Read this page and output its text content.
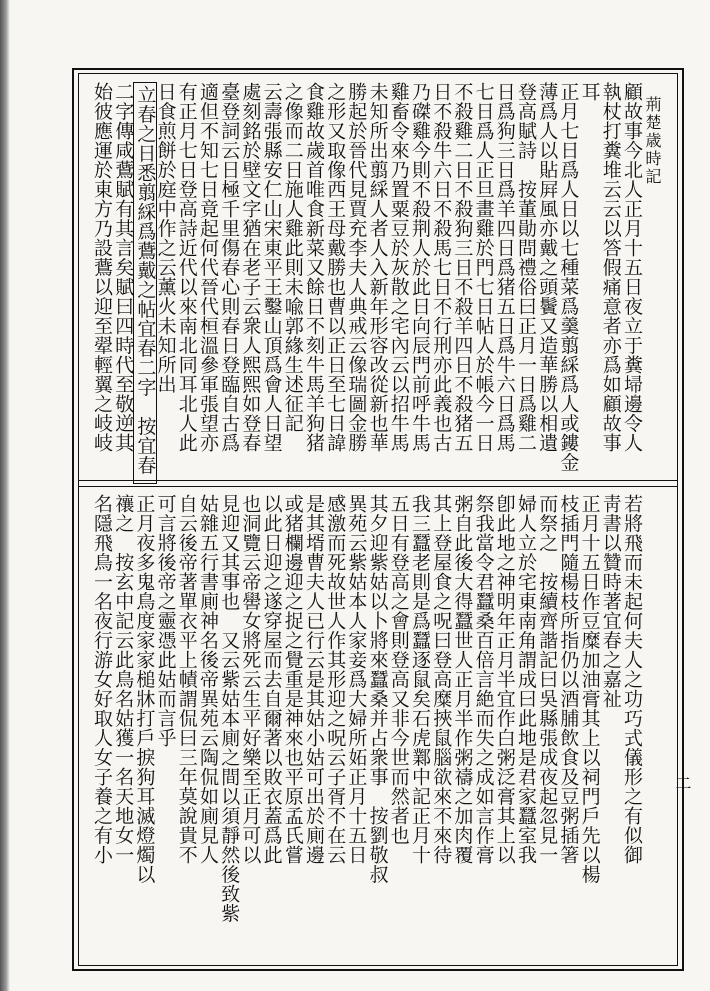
荊楚歳時記
二
顧故事今北人正月十五日夜立于糞埽邊令人
執杖打糞堆云云以答假痛意者亦爲如顧故事
耳
正月七日爲人日以七種菜爲羹翦綵爲人或鏤金
薄爲人以貼屛風亦戴之頭鬢又造華勝以相遺
登高賦詩　按董勛問禮俗曰正月一日爲雞二
日爲狗三日爲羊四日爲猪五日爲牛六日爲馬
七日爲人正旦畫雞於門七日帖人於帳今一日
不殺雞二日不殺狗三日不殺羊四日不殺猪五
日不殺牛六日不殺馬七日不行刑亦此義也古
乃磔雞今則不殺荆人於此日向辰門前呼牛馬
雞畜令來乃置粟豆於灰散之宅內云以招牛馬
未知所出翦綵人者人入新年形容改從新也華
勝起於晉代見賈充李夫人典戒云像瑞圖金勝
之形又取像西王母戴勝也曹以正日至七日諱
食雞故歲首唯食新菜又餘日不刻牛馬羊狗猪
之像而二日施人雞此則未喩郭緣生述征記
云壽張縣安仁山宋東平王鑿山頂爲會人日望
處刻銘於壁文字猶在老子云衆人熙熙如登春
臺登詞云日極千里傷春心則春日登臨自古爲
適但不知七日竟起何代晉代桓溫參軍張望亦
有正月七日登高詩近代以來南北同耳北人此
日食煎餅於庭中作之云薰火未知所出
立春之日悉翦綵爲鷰戴之帖宜春二字　按宜春
二字傳咸鷰賦有其言矣賦曰四時代至敬逆其
始彼應運於東方乃設鷰以迎至翚輕翼之岐岐
若將飛而未起何夫人之功巧式儀形之有似御
靑書以贊時著宜春之嘉祉
正月十五日作豆糜加油膏其上以祠門戶先以楊
枝插門隨楊枝所指仍以酒脯飲食及豆粥插箸
而祭之　按續齊諧記曰吳縣張成夜起忽見一
婦人立於宅東南角謂成曰此地是君家蠶室我
卽此地之神明年正月半宜作白粥泛膏其上以
祭我當令君蠶桑百倍言絶而失之成如言作膏
粥自此後大得蠶世人正月半作粥禱之加肉覆
其上登屋食之呪曰登高糜挾鼠腦欲來不來待
我三蠶老則是爲蠶逐鼠矣石虎鄴中記正月十
五日有登高之會則登高又非今世而然者也
其夕迎紫姑以卜將來蠶桑并占衆事　按劉敬叔
異苑云紫姑本人家妾爲大婦所妬正月十五日
感激而死故世人作其形迎之呪云子胥不在云
是其壻曹夫人已行云是其姑小姑可出於廁邊
或猪欄邊迎之捉之覺重是神來也平原孟氏嘗
以此日迎之遂穿屋而去自爾著以敗衣蓋爲此
也洞覽云帝嚳女將死云生平好樂至正月可以
見迎又其事也　又云紫姑本廁之間以須靜然後致紫
姑雜五行書廁神名後帝異苑云陶侃如廁見人
自云後帝著單衣平上幘謂侃曰三年莫說貴不
可言將後帝之靈憑此姑而言乎
正月夜多鬼鳥度家家槌牀打戶捩狗耳滅燈燭以
禳之　按玄中記云此鳥名姑獲一名天地女一
名隱飛鳥一名夜行游女好取人女子養之有小
